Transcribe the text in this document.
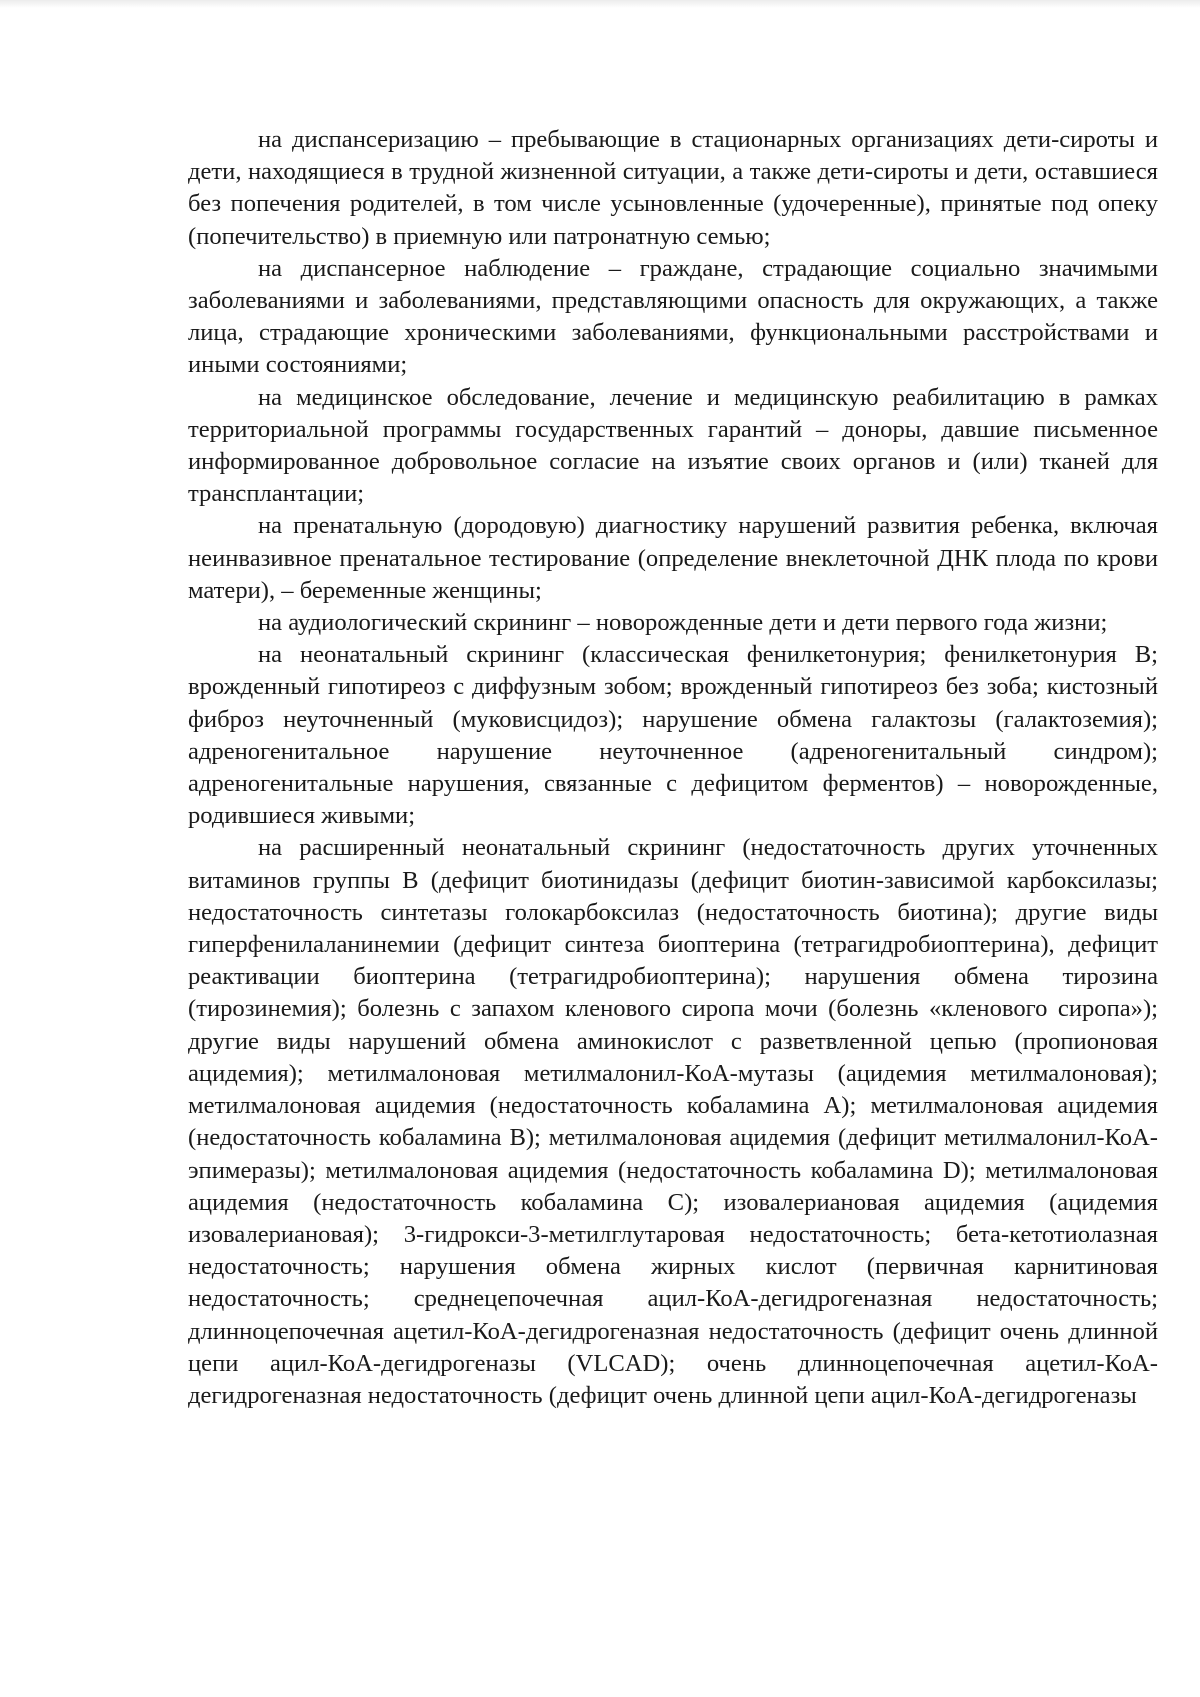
на диспансеризацию – пребывающие в стационарных организациях дети-сироты и дети, находящиеся в трудной жизненной ситуации, а также дети-сироты и дети, оставшиеся без попечения родителей, в том числе усыновленные (удочеренные), принятые под опеку (попечительство) в приемную или патронатную семью;

на диспансерное наблюдение – граждане, страдающие социально значимыми заболеваниями и заболеваниями, представляющими опасность для окружающих, а также лица, страдающие хроническими заболеваниями, функциональными расстройствами и иными состояниями;

на медицинское обследование, лечение и медицинскую реабилитацию в рамках территориальной программы государственных гарантий – доноры, давшие письменное информированное добровольное согласие на изъятие своих органов и (или) тканей для трансплантации;

на пренатальную (дородовую) диагностику нарушений развития ребенка, включая неинвазивное пренатальное тестирование (определение внеклеточной ДНК плода по крови матери), – беременные женщины;

на аудиологический скрининг – новорожденные дети и дети первого года жизни;

на неонатальный скрининг (классическая фенилкетонурия; фенилкетонурия B; врожденный гипотиреоз с диффузным зобом; врожденный гипотиреоз без зоба; кистозный фиброз неуточненный (муковисцидоз); нарушение обмена галактозы (галактоземия); адреногенитальное нарушение неуточненное (адреногенитальный синдром); адреногенитальные нарушения, связанные с дефицитом ферментов) – новорожденные, родившиеся живыми;

на расширенный неонатальный скрининг (недостаточность других уточненных витаминов группы B (дефицит биотинидазы (дефицит биотин-зависимой карбоксилазы; недостаточность синтетазы голокарбоксилаз (недостаточность биотина); другие виды гиперфенилаланинемии (дефицит синтеза биоптерина (тетрагидробиоптерина), дефицит реактивации биоптерина (тетрагидробиоптерина); нарушения обмена тирозина (тирозинемия); болезнь с запахом кленового сиропа мочи (болезнь «кленового сиропа»); другие виды нарушений обмена аминокислот с разветвленной цепью (пропионовая ацидемия); метилмалоновая метилмалонил-КоА-мутазы (ацидемия метилмалоновая); метилмалоновая ацидемия (недостаточность кобаламина A); метилмалоновая ацидемия (недостаточность кобаламина B); метилмалоновая ацидемия (дефицит метилмалонил-КоА-эпимеразы); метилмалоновая ацидемия (недостаточность кобаламина D); метилмалоновая ацидемия (недостаточность кобаламина C); изовалериановая ацидемия (ацидемия изовалериановая); 3-гидрокси-3-метилглутаровая недостаточность; бета-кетотиолазная недостаточность; нарушения обмена жирных кислот (первичная карнитиновая недостаточность; среднецепочечная ацил-КоА-дегидрогеназная недостаточность; длинноцепочечная ацетил-КоА-дегидрогеназная недостаточность (дефицит очень длинной цепи ацил-КоА-дегидрогеназы (VLCAD); очень длинноцепочечная ацетил-КоА-дегидрогеназная недостаточность (дефицит очень длинной цепи ацил-КоА-дегидрогеназы
